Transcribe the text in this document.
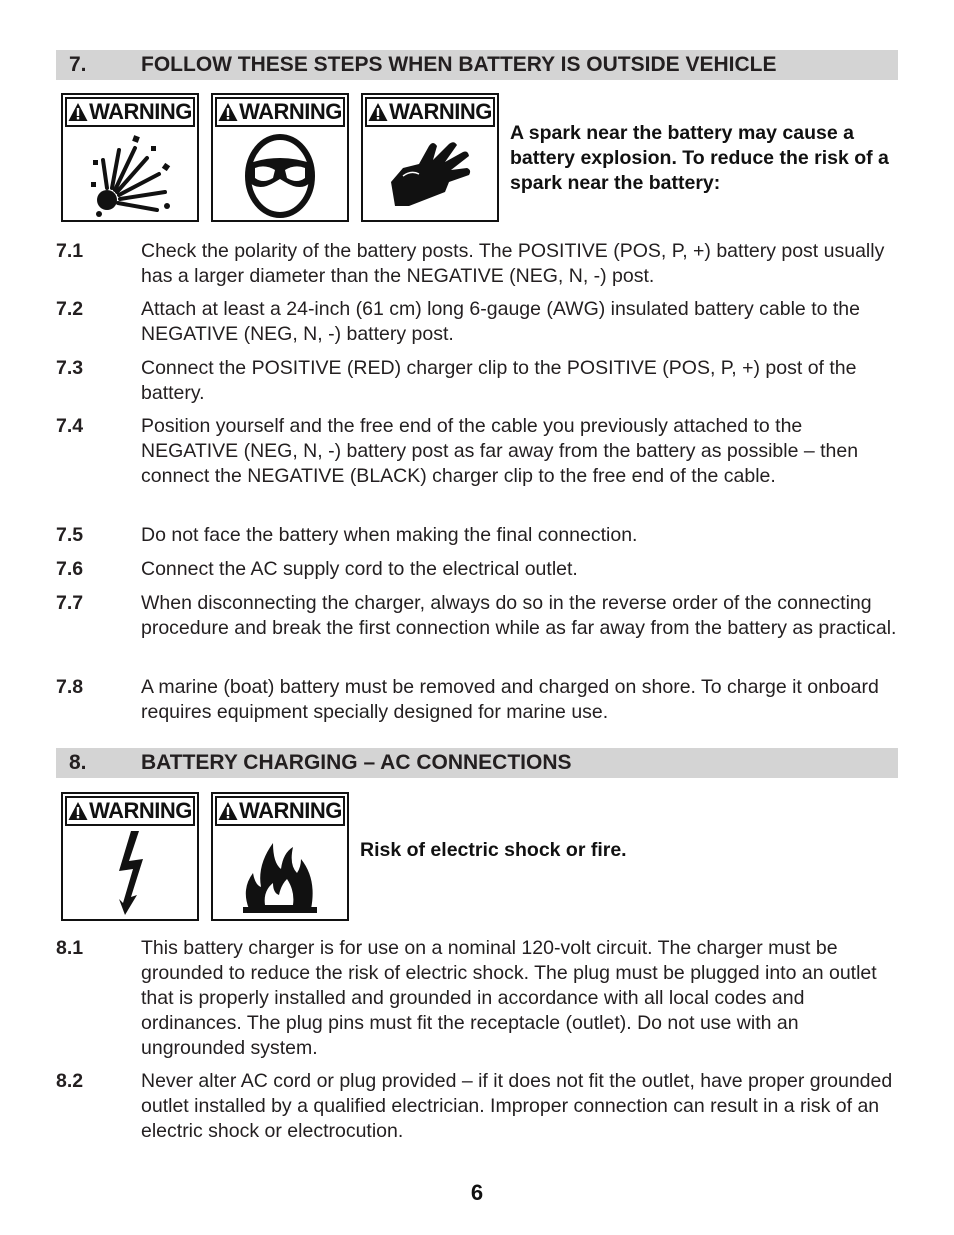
7.	FOLLOW THESE STEPS WHEN BATTERY IS OUTSIDE VEHICLE
WARNING WARNING WARNING
A spark near the battery may cause a battery explosion. To reduce the risk of a spark near the battery:
7.1	Check the polarity of the battery posts. The POSITIVE (POS, P, +) battery post usually has a larger diameter than the NEGATIVE (NEG, N, -) post.
7.2	Attach at least a 24-inch (61 cm) long 6-gauge (AWG) insulated battery cable to the NEGATIVE (NEG, N, -) battery post.
7.3	Connect the POSITIVE (RED) charger clip to the POSITIVE (POS, P, +) post of the battery.
7.4	Position yourself and the free end of the cable you previously attached to the NEGATIVE (NEG, N, -) battery post as far away from the battery as possible – then connect the NEGATIVE (BLACK) charger clip to the free end of the cable.
7.5	Do not face the battery when making the final connection.
7.6	Connect the AC supply cord to the electrical outlet.
7.7	When disconnecting the charger, always do so in the reverse order of the connecting procedure and break the first connection while as far away from the battery as practical.
7.8	A marine (boat) battery must be removed and charged on shore. To charge it onboard requires equipment specially designed for marine use.
8.	BATTERY CHARGING – AC CONNECTIONS
WARNING WARNING
Risk of electric shock or fire.
8.1	This battery charger is for use on a nominal 120-volt circuit. The charger must be grounded to reduce the risk of electric shock. The plug must be plugged into an outlet that is properly installed and grounded in accordance with all local codes and ordinances. The plug pins must fit the receptacle (outlet). Do not use with an ungrounded system.
8.2	Never alter AC cord or plug provided – if it does not fit the outlet, have proper grounded outlet installed by a qualified electrician. Improper connection can result in a risk of an electric shock or electrocution.
6
